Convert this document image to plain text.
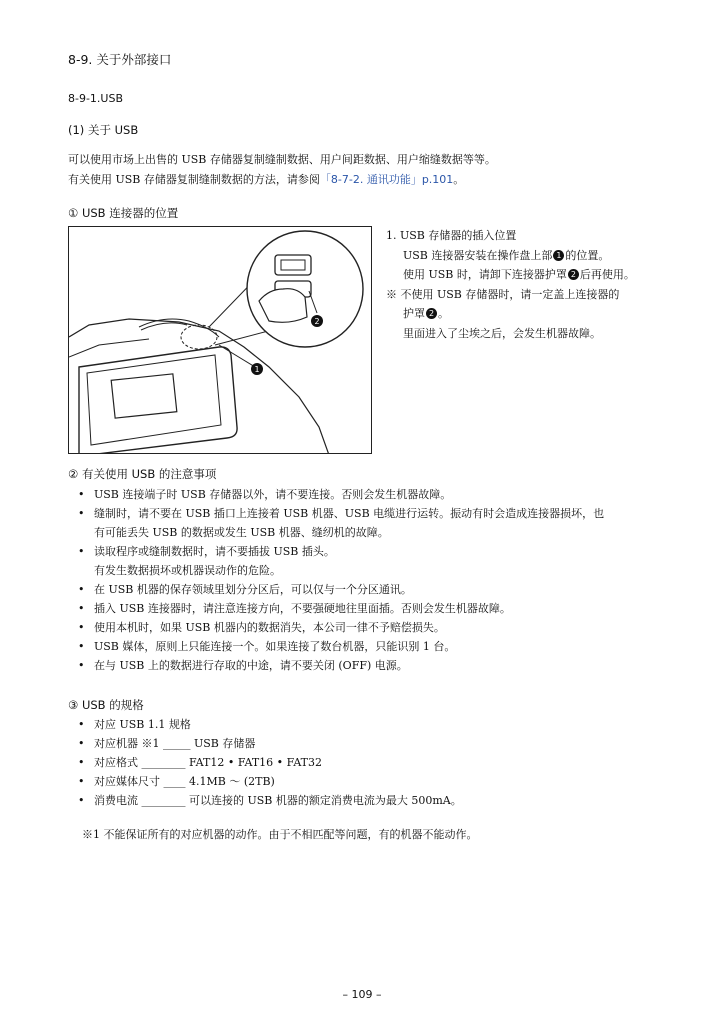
8-9. 关于外部接口
8-9-1.USB
(1) 关于 USB
可以使用市场上出售的 USB 存储器复制缝制数据、用户间距数据、用户缩缝数据等等。
有关使用 USB 存储器复制缝制数据的方法，请参阅「8-7-2. 通讯功能」p.101。
① USB 连接器的位置
1
2
1. USB 存储器的插入位置
USB 连接器安装在操作盘上部 1 的位置。
使用 USB 时，请卸下连接器护罩 2 后再使用。
※ 不使用 USB 存储器时，请一定盖上连接器的
护罩 2 。
里面进入了尘埃之后，会发生机器故障。
② 有关使用 USB 的注意事项
• USB 连接端子时 USB 存储器以外，请不要连接。否则会发生机器故障。
• 缝制时，请不要在 USB 插口上连接着 USB 机器、USB 电缆进行运转。振动有时会造成连接器损坏，也
有可能丢失 USB 的数据或发生 USB 机器、缝纫机的故障。
• 读取程序或缝制数据时，请不要插拔 USB 插头。
有发生数据损坏或机器误动作的危险。
• 在 USB 机器的保存领域里划分分区后，可以仅与一个分区通讯。
• 插入 USB 连接器时，请注意连接方向，不要强硬地往里面插。否则会发生机器故障。
• 使用本机时，如果 USB 机器内的数据消失，本公司一律不予赔偿损失。
• USB 媒体，原则上只能连接一个。如果连接了数台机器，只能识别 1 台。
• 在与 USB 上的数据进行存取的中途，请不要关闭 (OFF) 电源。
③ USB 的规格
• 对应 USB 1.1 规格
• 对应机器 ※1 _____ USB 存储器
• 对应格式 ________ FAT12 • FAT16 • FAT32
• 对应媒体尺寸 ____ 4.1MB ～ (2TB)
• 消费电流 ________ 可以连接的 USB 机器的额定消费电流为最大 500mA。
※1 不能保证所有的对应机器的动作。由于不相匹配等问题，有的机器不能动作。
– 109 –
